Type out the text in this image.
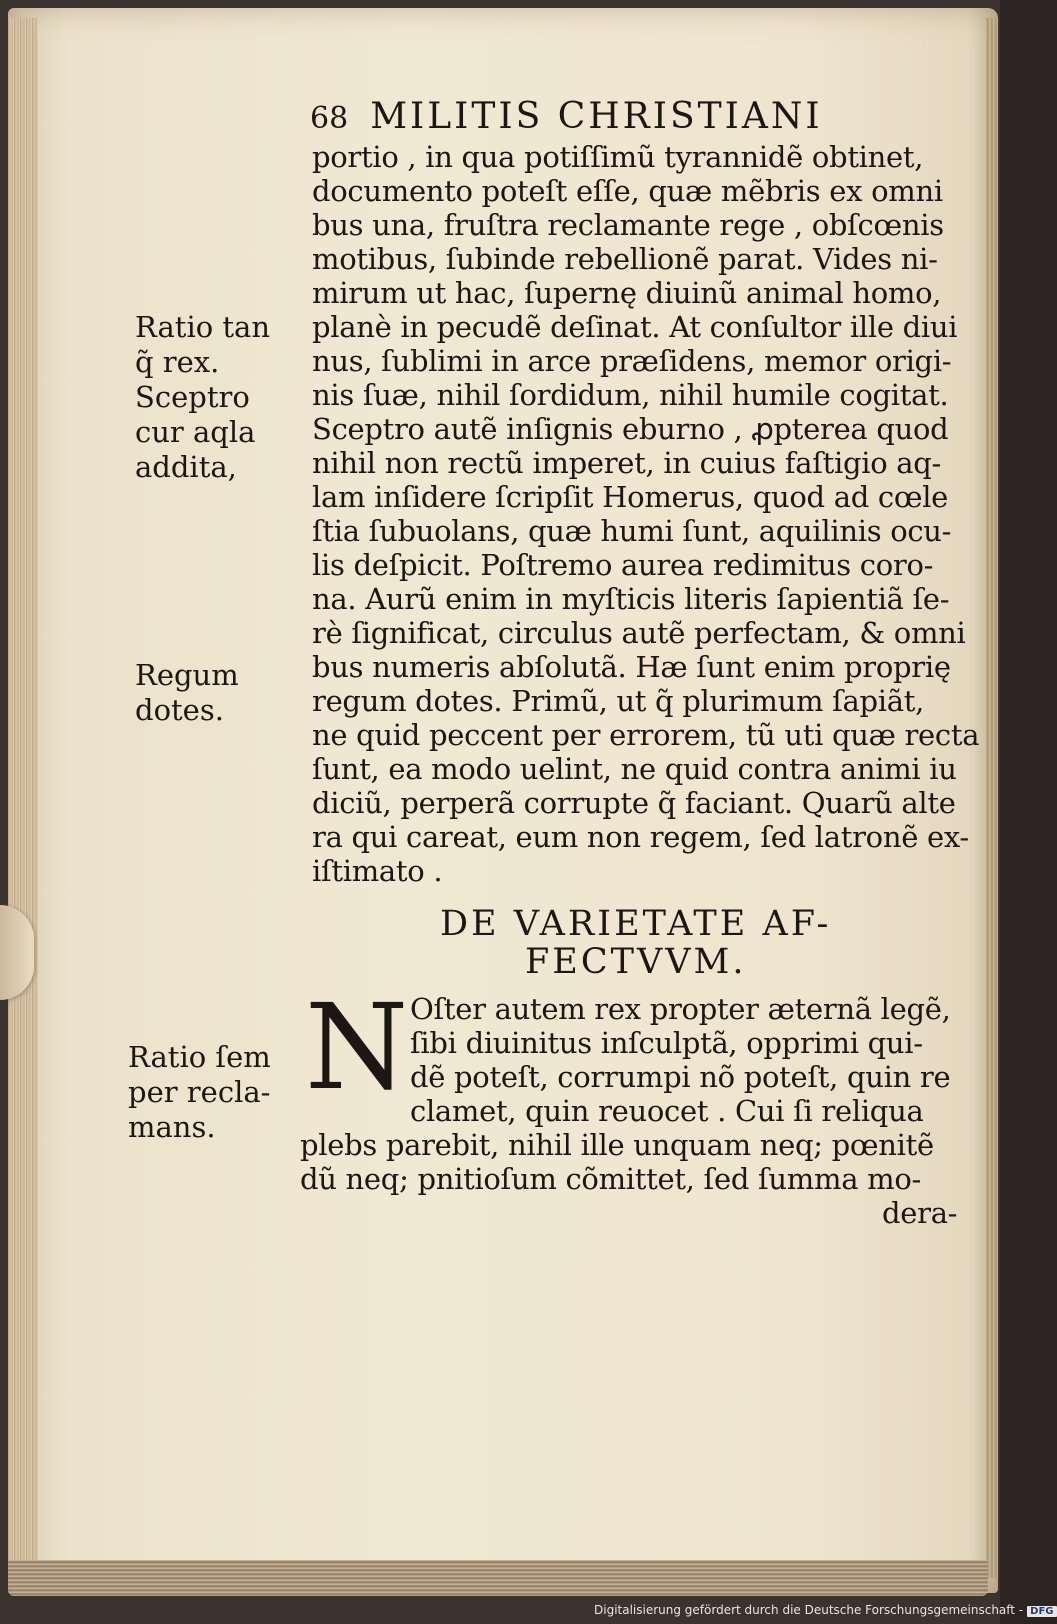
68 MILITIS CHRISTIANI
portio , in qua potiſſimũ tyrannidẽ obtinet,
documento poteſt eſſe, quæ mẽbris ex omni
bus una, fruſtra reclamante rege , obſcœnis
motibus, ſubinde rebellionẽ parat. Vides ni-
mirum ut hac, ſupernę diuinũ animal homo,
planè in pecudẽ deſinat. At conſultor ille diui
nus, ſublimi in arce præſidens, memor origi-
nis ſuæ, nihil ſordidum, nihil humile cogitat.
Sceptro autẽ inſignis eburno , ꝓpterea quod
nihil non rectũ imperet, in cuius faſtigio aq-
lam inſidere ſcripſit Homerus, quod ad cœle
ſtia ſubuolans, quæ humi ſunt, aquilinis ocu-
lis deſpicit. Poſtremo aurea redimitus coro-
na. Aurũ enim in myſticis literis ſapientiã ſe-
rè ſignificat, circulus autẽ perfectam, & omni
bus numeris abſolutã. Hæ ſunt enim proprię
regum dotes. Primũ, ut q̃ plurimum ſapiãt,
ne quid peccent per errorem, tũ uti quæ recta
ſunt, ea modo uelint, ne quid contra animi iu
diciũ, perperã corrupte q̃ faciant. Quarũ alte
ra qui careat, eum non regem, ſed latronẽ ex-
iſtimato .
DE VARIETATE AF-
FECTVVM.
N Oſter autem rex propter æternã legẽ,
ſibi diuinitus inſculptã, opprimi qui-
dẽ poteſt, corrumpi nõ poteſt, quin re
clamet, quin reuocet . Cui ſi reliqua
plebs parebit, nihil ille unquam neq; pœnitẽ
dũ neq; pnitioſum cõmittet, ſed ſumma mo-
dera-
Ratio tan
q̃ rex.
Sceptro
cur aqla
addita,
Regum
dotes.
Ratio ſem
per recla-
mans.
Digitalisierung gefördert durch die Deutsche Forschungsgemeinschaft - DFG
